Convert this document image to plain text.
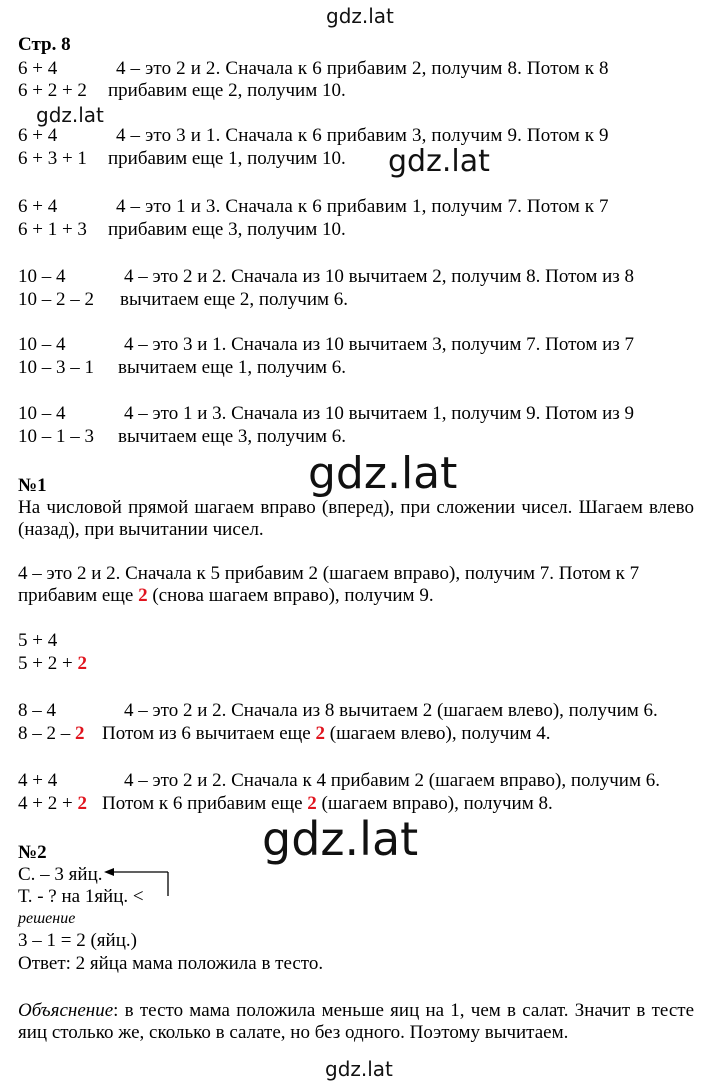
gdz.lat
gdz.lat
gdz.lat
gdz.lat
gdz.lat
gdz.lat
Стр. 8
6 + 4
6 + 2 + 2
4 – это 2 и 2. Сначала к 6 прибавим 2, получим 8. Потом к 8
прибавим еще 2, получим 10.
6 + 4
6 + 3 + 1
4 – это 3 и 1. Сначала к 6 прибавим 3, получим 9. Потом к 9
прибавим еще 1, получим 10.
6 + 4
6 + 1 + 3
4 – это 1 и 3. Сначала к 6 прибавим 1, получим 7. Потом к 7
прибавим еще 3, получим 10.
10 – 4
10 – 2 – 2
4 – это 2 и 2. Сначала из 10 вычитаем 2, получим 8. Потом из 8
вычитаем еще 2, получим 6.
10 – 4
10 – 3 – 1
4 – это 3 и 1. Сначала из 10 вычитаем 3, получим 7. Потом из 7
вычитаем еще 1, получим 6.
10 – 4
10 – 1 – 3
4 – это 1 и 3. Сначала из 10 вычитаем 1, получим 9. Потом из 9
вычитаем еще 3, получим 6.
№1
На числовой прямой шагаем вправо (вперед), при сложении чисел. Шагаем влево (назад), при вычитании чисел.
4 – это 2 и 2. Сначала к 5 прибавим 2 (шагаем вправо), получим 7. Потом к 7
прибавим еще 2 (снова шагаем вправо), получим 9.
5 + 4
5 + 2 + 2
8 – 4
8 – 2 – 2
4 – это 2 и 2. Сначала из 8 вычитаем 2 (шагаем влево), получим 6.
Потом из 6 вычитаем еще 2 (шагаем влево), получим 4.
4 + 4
4 + 2 + 2
4 – это 2 и 2. Сначала к 4 прибавим 2 (шагаем вправо), получим 6.
Потом к 6 прибавим еще 2 (шагаем вправо), получим 8.
№2
С. – 3 яйц.
Т. - ? на 1яйц. <
решение
3 – 1 = 2 (яйц.)
Ответ: 2 яйца мама положила в тесто.
Объяснение: в тесто мама положила меньше яиц на 1, чем в салат. Значит в тесте яиц столько же, сколько в салате, но без одного. Поэтому вычитаем.
